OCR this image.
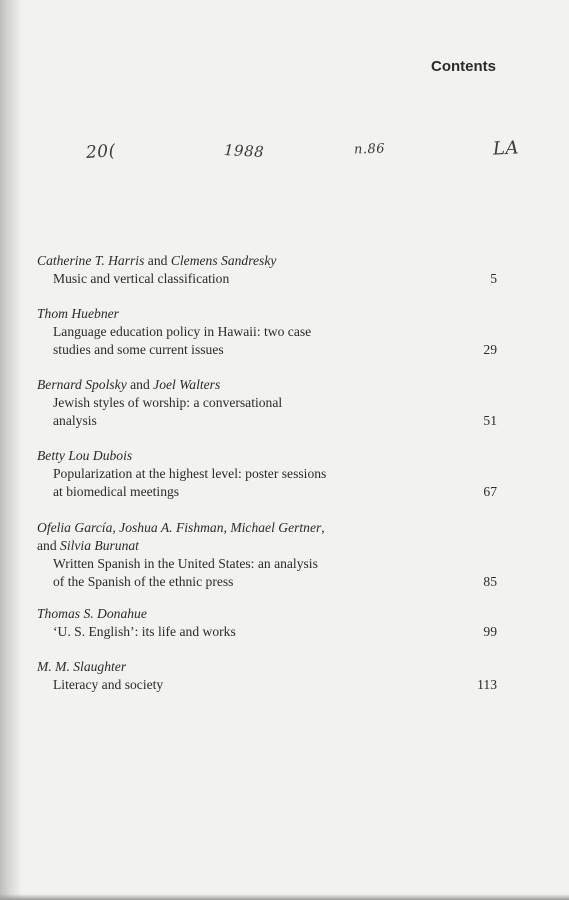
Contents
20(	1988	n.86	LA
Catherine T. Harris and Clemens Sandresky
Music and vertical classification	5
Thom Huebner
Language education policy in Hawaii: two case
studies and some current issues	29
Bernard Spolsky and Joel Walters
Jewish styles of worship: a conversational
analysis	51
Betty Lou Dubois
Popularization at the highest level: poster sessions
at biomedical meetings	67
Ofelia García, Joshua A. Fishman, Michael Gertner,
and Silvia Burunat
Written Spanish in the United States: an analysis
of the Spanish of the ethnic press	85
Thomas S. Donahue
‘U. S. English’: its life and works	99
M. M. Slaughter
Literacy and society	113
